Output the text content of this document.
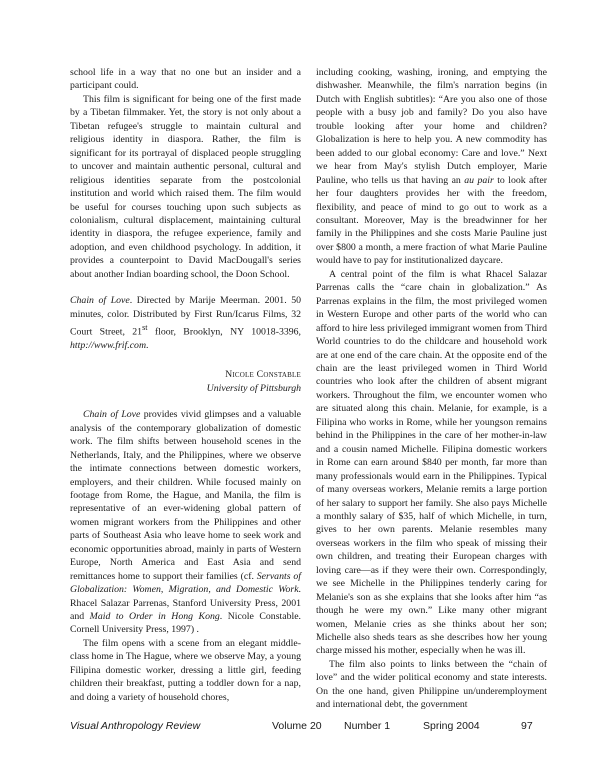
school life in a way that no one but an insider and a participant could.

This film is significant for being one of the first made by a Tibetan filmmaker. Yet, the story is not only about a Tibetan refugee's struggle to maintain cultural and religious identity in diaspora. Rather, the film is significant for its portrayal of displaced people struggling to uncover and maintain authentic personal, cultural and religious identities separate from the postcolonial institution and world which raised them. The film would be useful for courses touching upon such subjects as colonialism, cultural displacement, maintaining cultural identity in diaspora, the refugee experience, family and adoption, and even childhood psychology. In addition, it provides a counterpoint to David MacDougall's series about another Indian boarding school, the Doon School.

Chain of Love. Directed by Marije Meerman. 2001. 50 minutes, color. Distributed by First Run/Icarus Films, 32 Court Street, 21st floor, Brooklyn, NY 10018-3396, http://www.frif.com.

Nicole Constable
University of Pittsburgh

Chain of Love provides vivid glimpses and a valuable analysis of the contemporary globalization of domestic work. The film shifts between household scenes in the Netherlands, Italy, and the Philippines, where we observe the intimate connections between domestic workers, employers, and their children. While focused mainly on footage from Rome, the Hague, and Manila, the film is representative of an ever-widening global pattern of women migrant workers from the Philippines and other parts of Southeast Asia who leave home to seek work and economic opportunities abroad, mainly in parts of Western Europe, North America and East Asia and send remittances home to support their families (cf. Servants of Globalization: Women, Migration, and Domestic Work. Rhacel Salazar Parrenas, Stanford University Press, 2001 and Maid to Order in Hong Kong. Nicole Constable. Cornell University Press, 1997) .

The film opens with a scene from an elegant middle-class home in The Hague, where we observe May, a young Filipina domestic worker, dressing a little girl, feeding children their breakfast, putting a toddler down for a nap, and doing a variety of household chores,

including cooking, washing, ironing, and emptying the dishwasher. Meanwhile, the film's narration begins (in Dutch with English subtitles): “Are you also one of those people with a busy job and family? Do you also have trouble looking after your home and children? Globalization is here to help you. A new commodity has been added to our global economy: Care and love.” Next we hear from May's stylish Dutch employer, Marie Pauline, who tells us that having an au pair to look after her four daughters provides her with the freedom, flexibility, and peace of mind to go out to work as a consultant. Moreover, May is the breadwinner for her family in the Philippines and she costs Marie Pauline just over $800 a month, a mere fraction of what Marie Pauline would have to pay for institutionalized daycare.

A central point of the film is what Rhacel Salazar Parrenas calls the “care chain in globalization.” As Parrenas explains in the film, the most privileged women in Western Europe and other parts of the world who can afford to hire less privileged immigrant women from Third World countries to do the childcare and household work are at one end of the care chain. At the opposite end of the chain are the least privileged women in Third World countries who look after the children of absent migrant workers. Throughout the film, we encounter women who are situated along this chain. Melanie, for example, is a Filipina who works in Rome, while her youngson remains behind in the Philippines in the care of her mother-in-law and a cousin named Michelle. Filipina domestic workers in Rome can earn around $840 per month, far more than many professionals would earn in the Philippines. Typical of many overseas workers, Melanie remits a large portion of her salary to support her family. She also pays Michelle a monthly salary of $35, half of which Michelle, in turn, gives to her own parents. Melanie resembles many overseas workers in the film who speak of missing their own children, and treating their European charges with loving care—as if they were their own. Correspondingly, we see Michelle in the Philippines tenderly caring for Melanie's son as she explains that she looks after him “as though he were my own.” Like many other migrant women, Melanie cries as she thinks about her son; Michelle also sheds tears as she describes how her young charge missed his mother, especially when he was ill.

The film also points to links between the “chain of love” and the wider political economy and state interests. On the one hand, given Philippine un/underemployment and international debt, the government

Visual Anthropology Review	Volume 20 Number 1	Spring 2004	97
